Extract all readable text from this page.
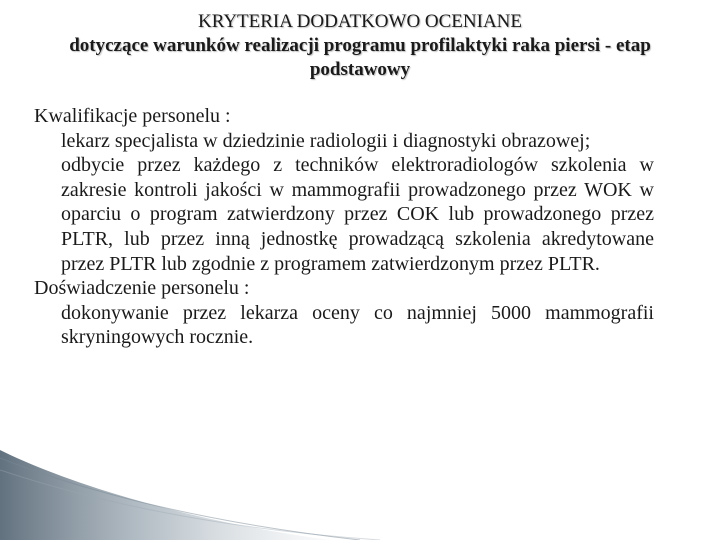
KRYTERIA DODATKOWO OCENIANE
dotyczące warunków realizacji programu profilaktyki raka piersi - etap podstawowy
Kwalifikacje personelu :
lekarz specjalista w dziedzinie radiologii i diagnostyki obrazowej;
odbycie przez każdego z techników elektroradiologów szkolenia w zakresie kontroli jakości w mammografii prowadzonego przez WOK w oparciu o program zatwierdzony przez COK lub prowadzonego przez PLTR, lub przez inną jednostkę prowadzącą szkolenia akredytowane przez PLTR lub zgodnie z programem zatwierdzonym przez PLTR.
Doświadczenie personelu :
dokonywanie przez lekarza oceny co najmniej 5000 mammografii skryningowych rocznie.
